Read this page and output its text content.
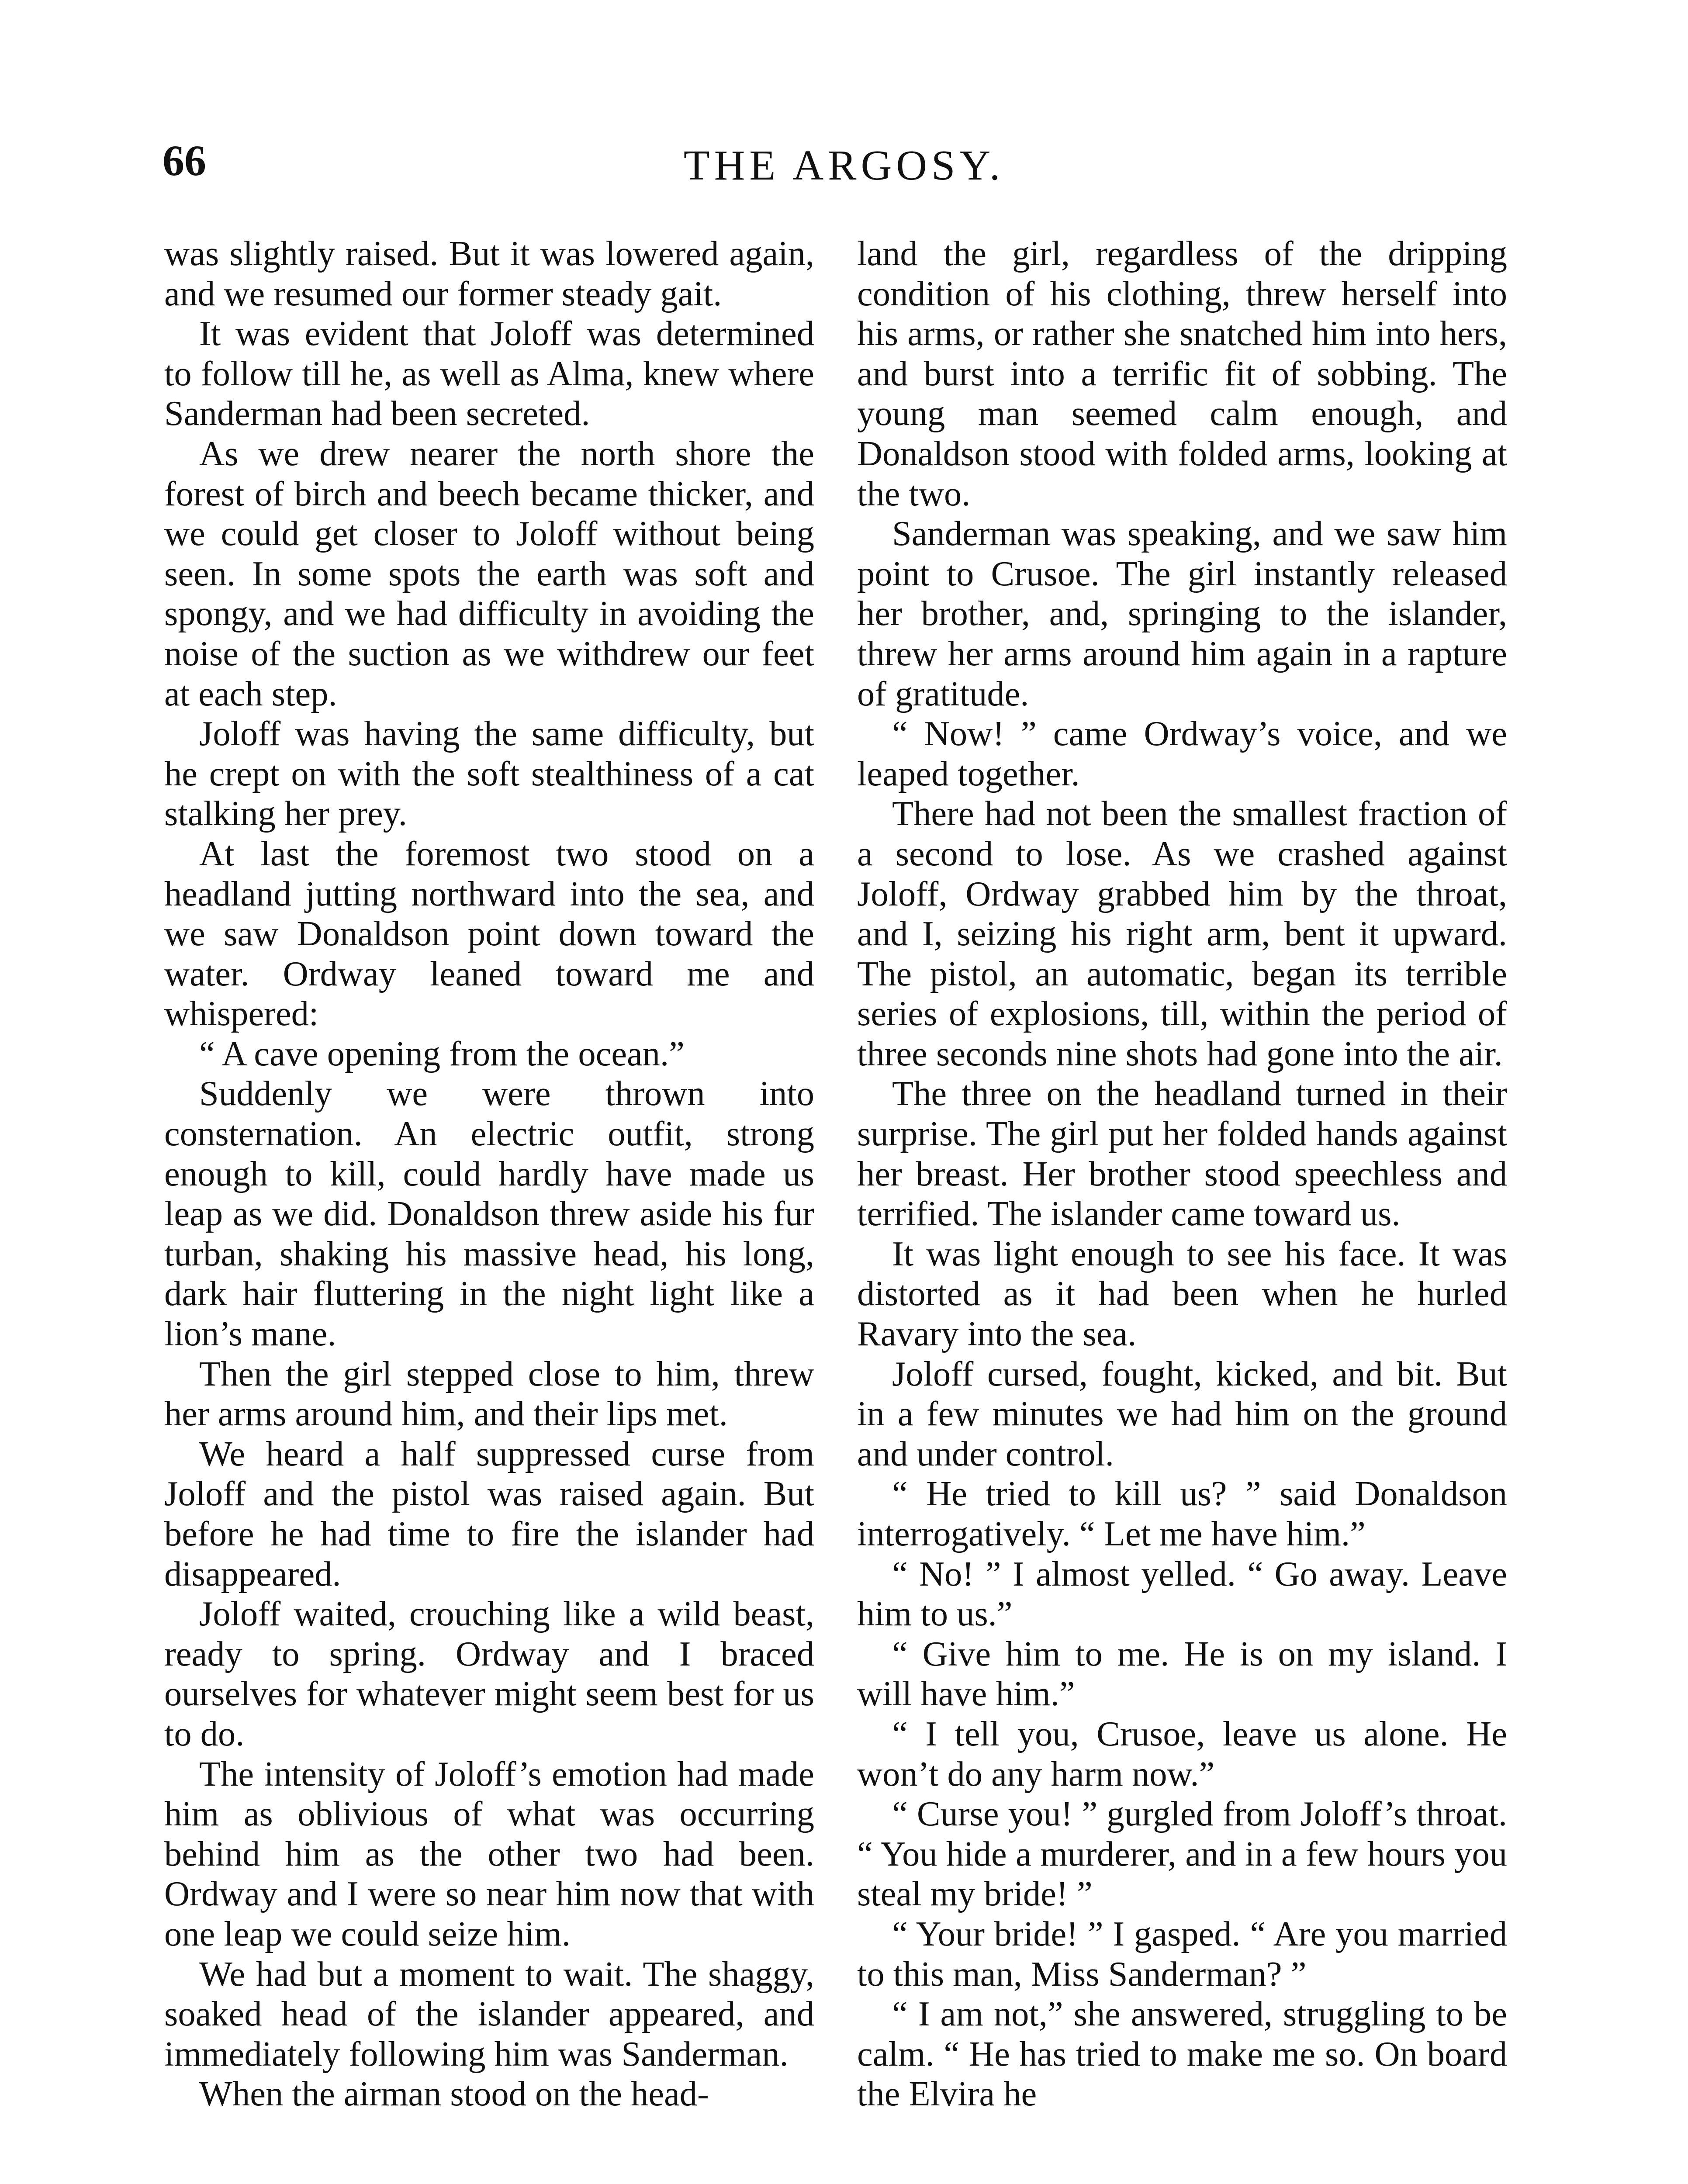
66	THE ARGOSY.

was slightly raised. But it was lowered again, and we resumed our former steady gait.

It was evident that Joloff was determined to follow till he, as well as Alma, knew where Sanderman had been secreted.

As we drew nearer the north shore the forest of birch and beech became thicker, and we could get closer to Joloff without being seen. In some spots the earth was soft and spongy, and we had difficulty in avoiding the noise of the suction as we withdrew our feet at each step.

Joloff was having the same difficulty, but he crept on with the soft stealthiness of a cat stalking her prey.

At last the foremost two stood on a headland jutting northward into the sea, and we saw Donaldson point down toward the water. Ordway leaned toward me and whispered:

“ A cave opening from the ocean.”

Suddenly we were thrown into consternation. An electric outfit, strong enough to kill, could hardly have made us leap as we did. Donaldson threw aside his fur turban, shaking his massive head, his long, dark hair fluttering in the night light like a lion’s mane.

Then the girl stepped close to him, threw her arms around him, and their lips met.

We heard a half suppressed curse from Joloff and the pistol was raised again. But before he had time to fire the islander had disappeared.

Joloff waited, crouching like a wild beast, ready to spring. Ordway and I braced ourselves for whatever might seem best for us to do.

The intensity of Joloff’s emotion had made him as oblivious of what was occurring behind him as the other two had been. Ordway and I were so near him now that with one leap we could seize him.

We had but a moment to wait. The shaggy, soaked head of the islander appeared, and immediately following him was Sanderman.

When the airman stood on the head-

land the girl, regardless of the dripping condition of his clothing, threw herself into his arms, or rather she snatched him into hers, and burst into a terrific fit of sobbing. The young man seemed calm enough, and Donaldson stood with folded arms, looking at the two.

Sanderman was speaking, and we saw him point to Crusoe. The girl instantly released her brother, and, springing to the islander, threw her arms around him again in a rapture of gratitude.

“ Now! ” came Ordway’s voice, and we leaped together.

There had not been the smallest fraction of a second to lose. As we crashed against Joloff, Ordway grabbed him by the throat, and I, seizing his right arm, bent it upward. The pistol, an automatic, began its terrible series of explosions, till, within the period of three seconds nine shots had gone into the air.

The three on the headland turned in their surprise. The girl put her folded hands against her breast. Her brother stood speechless and terrified. The islander came toward us.

It was light enough to see his face. It was distorted as it had been when he hurled Ravary into the sea.

Joloff cursed, fought, kicked, and bit. But in a few minutes we had him on the ground and under control.

“ He tried to kill us? ” said Donaldson interrogatively. “ Let me have him.”

“ No! ” I almost yelled. “ Go away. Leave him to us.”

“ Give him to me. He is on my island. I will have him.”

“ I tell you, Crusoe, leave us alone. He won’t do any harm now.”

“ Curse you! ” gurgled from Joloff’s throat. “ You hide a murderer, and in a few hours you steal my bride! ”

“ Your bride! ” I gasped. “ Are you married to this man, Miss Sanderman? ”

“ I am not,” she answered, struggling to be calm. “ He has tried to make me so. On board the Elvira he
